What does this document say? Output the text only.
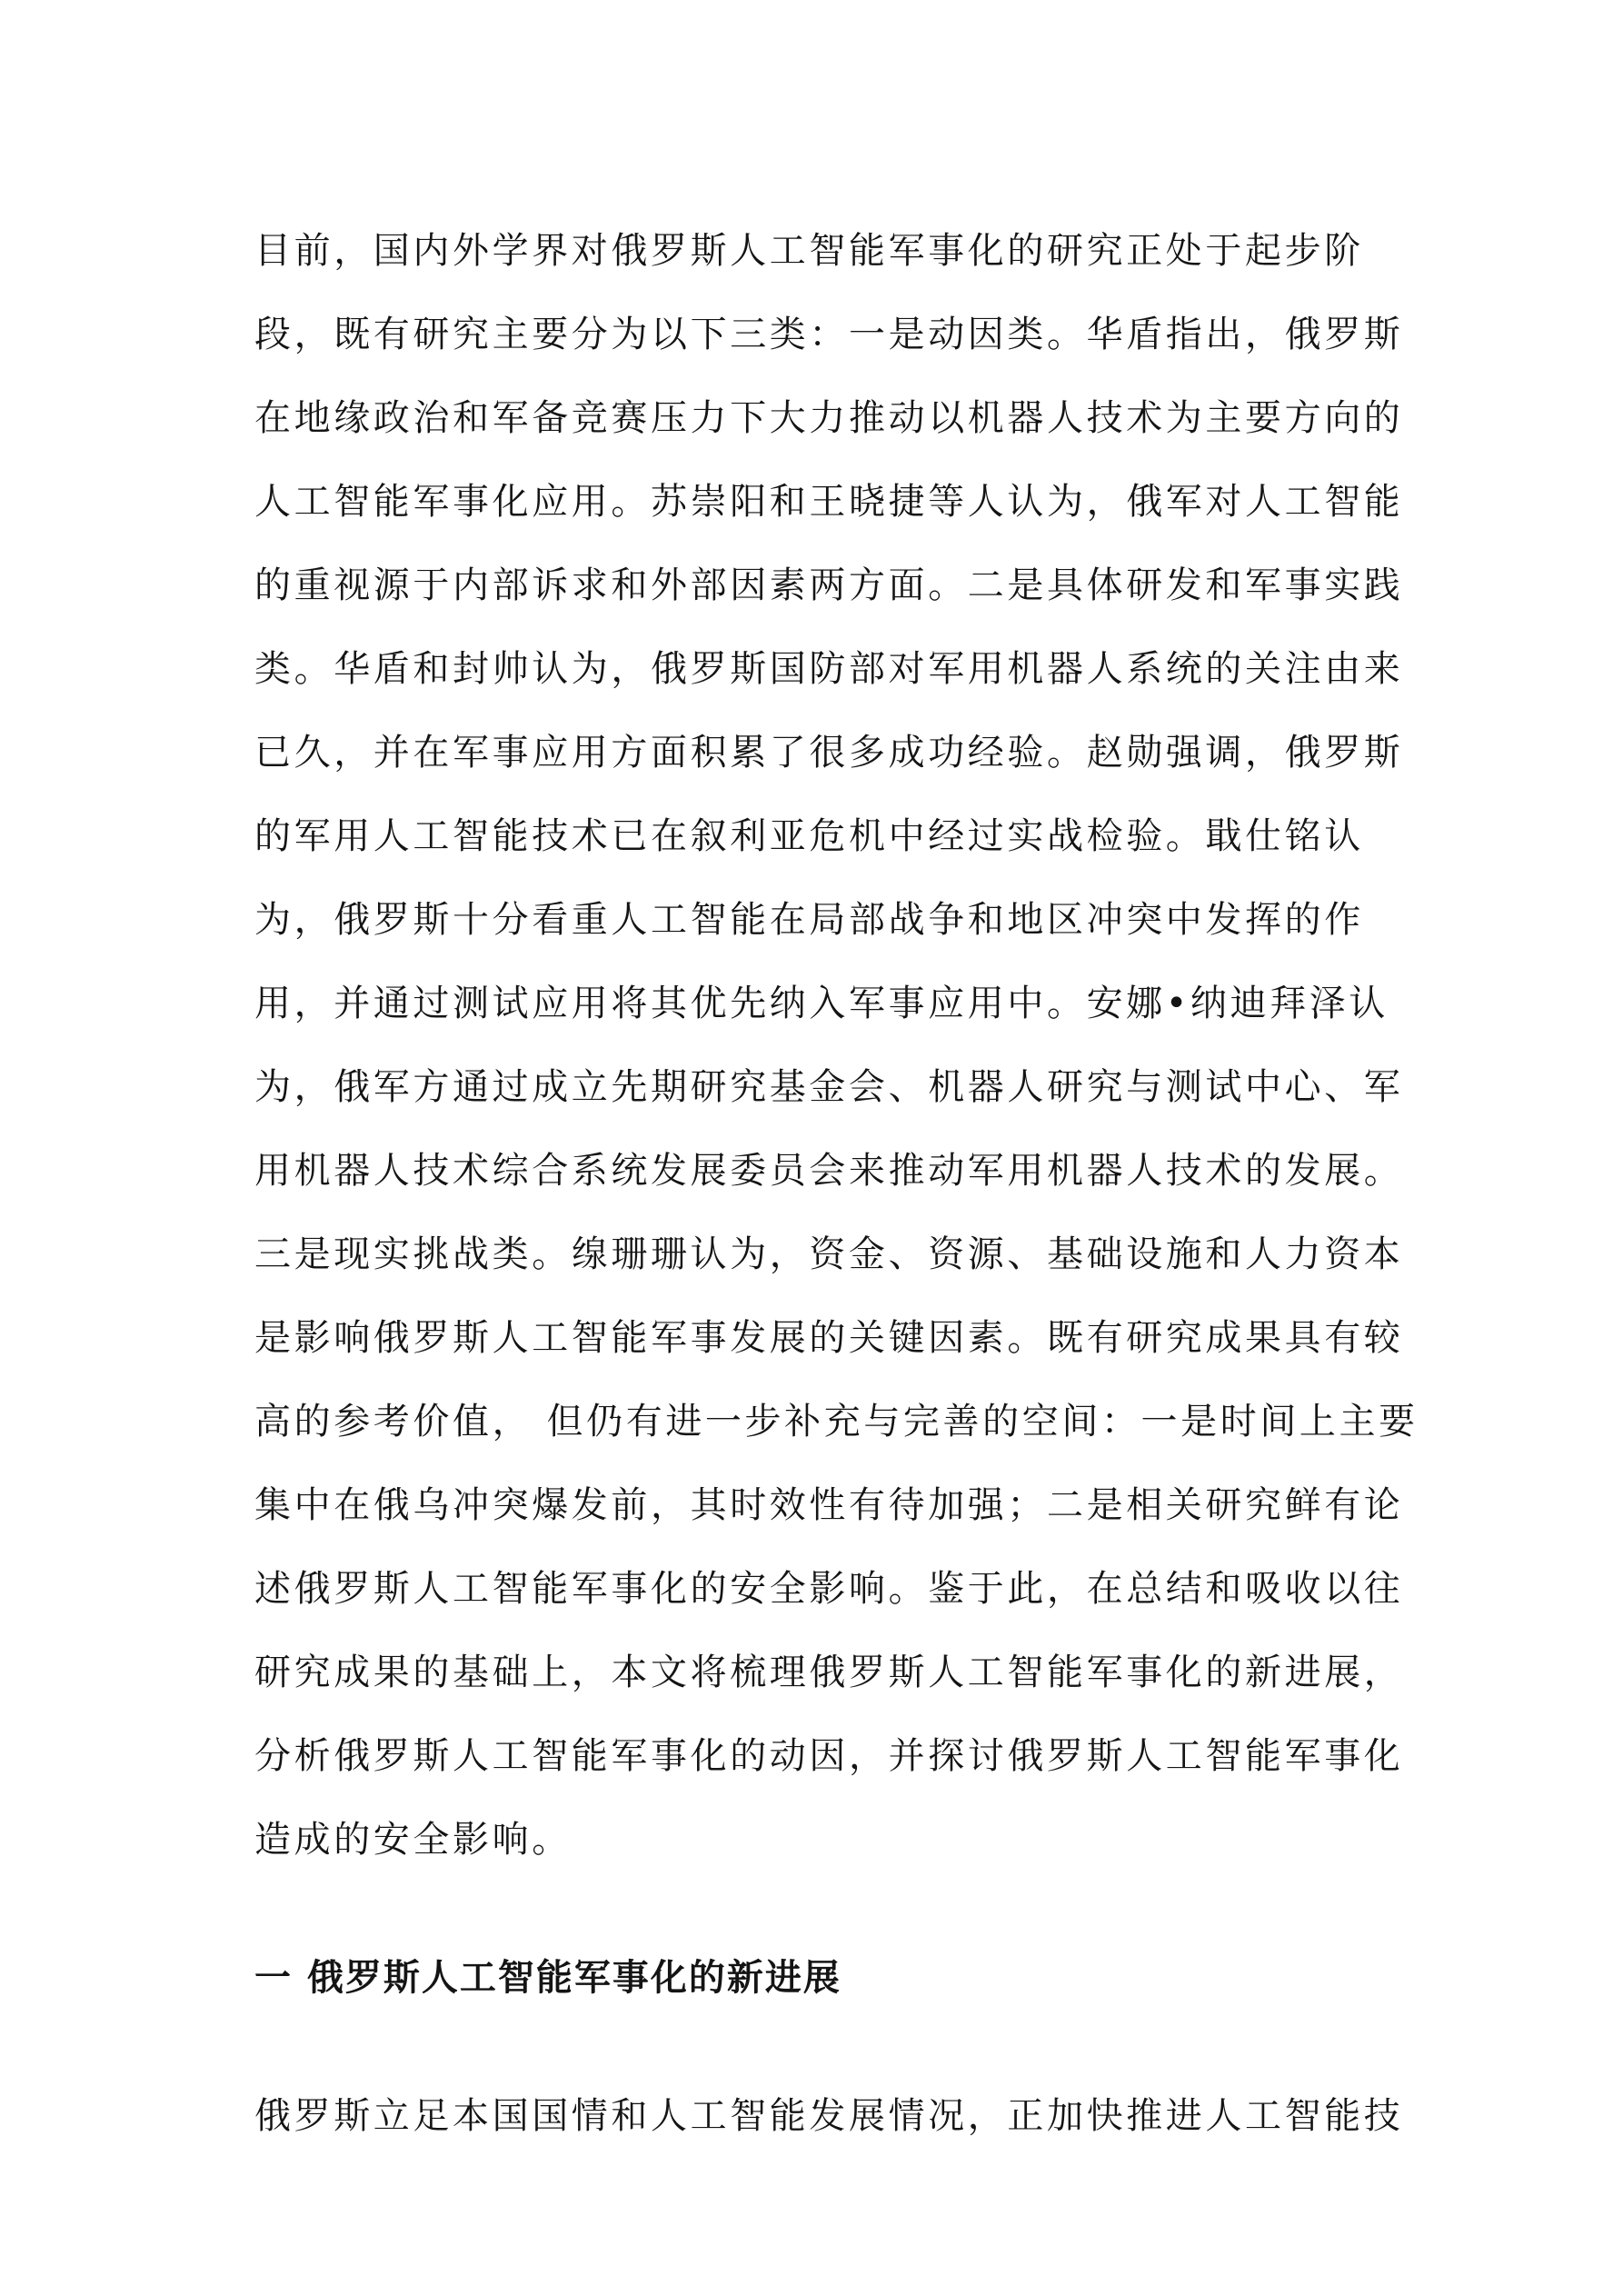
目前，国内外学界对俄罗斯人工智能军事化的研究正处于起步阶
段，既有研究主要分为以下三类：一是动因类。华盾指出，俄罗斯
在地缘政治和军备竞赛压力下大力推动以机器人技术为主要方向的
人工智能军事化应用。苏崇阳和王晓捷等人认为，俄军对人工智能
的重视源于内部诉求和外部因素两方面。二是具体研发和军事实践
类。华盾和封帅认为，俄罗斯国防部对军用机器人系统的关注由来
已久，并在军事应用方面积累了很多成功经验。赵勋强调，俄罗斯
的军用人工智能技术已在叙利亚危机中经过实战检验。戢仕铭认
为，俄罗斯十分看重人工智能在局部战争和地区冲突中发挥的作
用，并通过测试应用将其优先纳入军事应用中。安娜•纳迪拜泽认
为，俄军方通过成立先期研究基金会、机器人研究与测试中心、军
用机器人技术综合系统发展委员会来推动军用机器人技术的发展。
三是现实挑战类。缐珊珊认为，资金、资源、基础设施和人力资本
是影响俄罗斯人工智能军事发展的关键因素。既有研究成果具有较
高的参考价值， 但仍有进一步补充与完善的空间：一是时间上主要
集中在俄乌冲突爆发前，其时效性有待加强；二是相关研究鲜有论
述俄罗斯人工智能军事化的安全影响。鉴于此，在总结和吸收以往
研究成果的基础上，本文将梳理俄罗斯人工智能军事化的新进展，
分析俄罗斯人工智能军事化的动因，并探讨俄罗斯人工智能军事化
造成的安全影响。
一 俄罗斯人工智能军事化的新进展
俄罗斯立足本国国情和人工智能发展情况，正加快推进人工智能技
